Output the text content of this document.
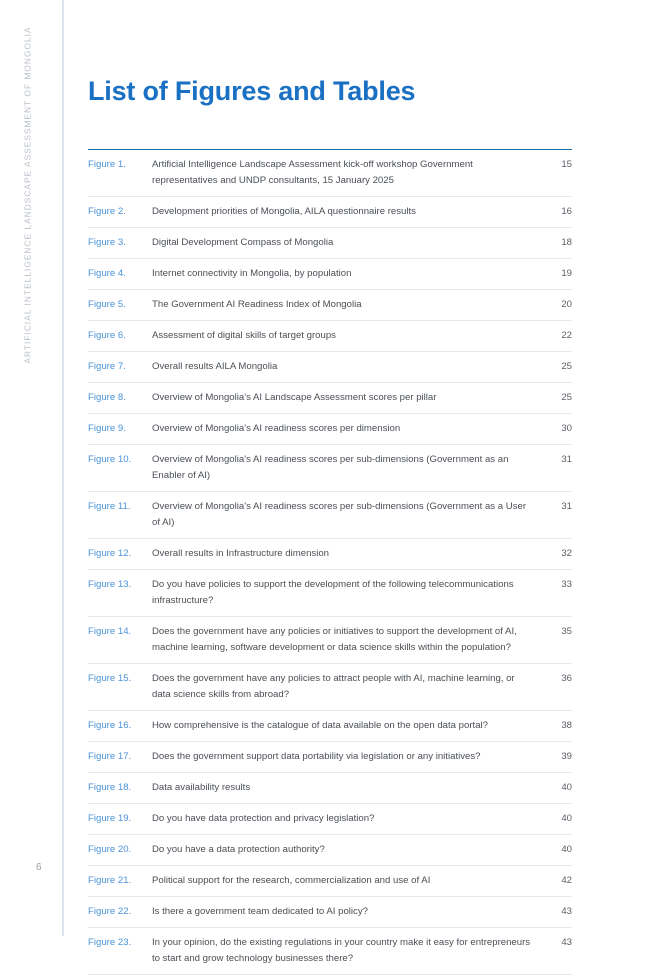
ARTIFICIAL INTELLIGENCE LANDSCAPE ASSESSMENT OF MONGOLIA
6
List of Figures and Tables
Figure 1.	Artificial Intelligence Landscape Assessment kick-off workshop Government representatives and UNDP consultants, 15 January 2025
15
Figure 2.	Development priorities of Mongolia, AILA questionnaire results	16
Figure 3.	Digital Development Compass of Mongolia	18
Figure 4.	Internet connectivity in Mongolia, by population	19
Figure 5.	The Government AI Readiness Index of Mongolia	20
Figure 6.	Assessment of digital skills of target groups	22
Figure 7.	Overall results AILA Mongolia	25
Figure 8.	Overview of Mongolia's AI Landscape Assessment scores per pillar	25
Figure 9.	Overview of Mongolia's AI readiness scores per dimension	30
Figure 10.	Overview of Mongolia's AI readiness scores per sub-dimensions (Government as an Enabler of AI)
31
Figure 11.	Overview of Mongolia's AI readiness scores per sub-dimensions (Government as a User of AI)
31
Figure 12.	Overall results in Infrastructure dimension	32
Figure 13.	Do you have policies to support the development of the following telecommunications infrastructure?
33
Figure 14.	Does the government have any policies or initiatives to support the development of AI, machine learning, software development or data science skills within the population?
35
Figure 15.	Does the government have any policies to attract people with AI, machine learning, or data science skills from abroad?
36
Figure 16.	How comprehensive is the catalogue of data available on the open data portal?	38
Figure 17.	Does the government support data portability via legislation or any initiatives?	39
Figure 18.	Data availability results	40
Figure 19.	Do you have data protection and privacy legislation?	40
Figure 20.	Do you have a data protection authority?	40
Figure 21.	Political support for the research, commercialization and use of AI	42
Figure 22.	Is there a government team dedicated to AI policy?	43
Figure 23.	In your opinion, do the existing regulations in your country make it easy for entrepreneurs to start and grow technology businesses there?
43
